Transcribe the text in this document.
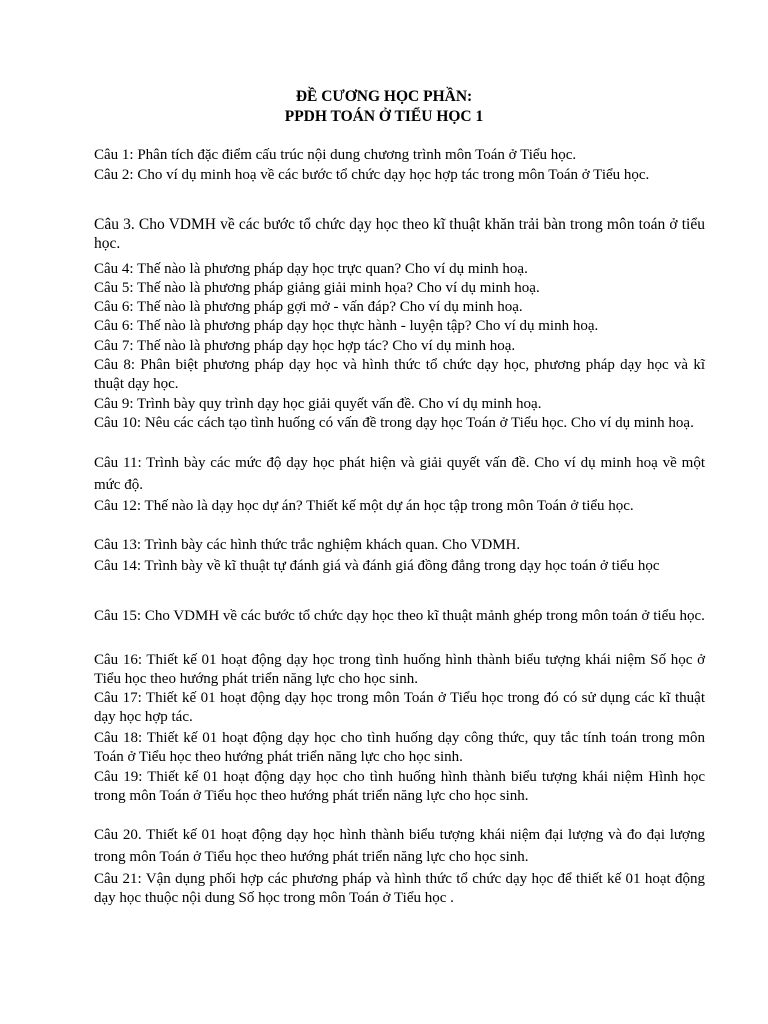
ĐỀ CƯƠNG HỌC PHẦN:
PPDH TOÁN Ở TIỂU HỌC 1
Câu 1: Phân tích đặc điểm cấu trúc nội dung chương trình môn Toán ở Tiểu học.
Câu 2: Cho ví dụ minh hoạ về các bước tổ chức dạy học hợp tác trong môn Toán ở Tiểu học.
Câu 3. Cho VDMH về các bước tổ chức dạy học theo kĩ thuật khăn trải bàn trong môn toán ở tiểu học.
Câu 4: Thế nào là phương pháp dạy học trực quan? Cho ví dụ minh hoạ.
Câu 5: Thế nào là phương pháp giảng giải minh họa? Cho ví dụ minh hoạ.
Câu 6: Thế nào là phương pháp gợi mở - vấn đáp? Cho ví dụ minh hoạ.
Câu 6: Thế nào là phương pháp dạy học thực hành - luyện tập? Cho ví dụ minh hoạ.
Câu 7: Thế nào là phương pháp dạy học hợp tác? Cho ví dụ minh hoạ.
Câu 8: Phân biệt phương pháp dạy học và hình thức tổ chức dạy học, phương pháp dạy học và kĩ thuật dạy học.
Câu 9: Trình bày quy trình dạy học giải quyết vấn đề. Cho ví dụ minh hoạ.
Câu 10: Nêu các cách tạo tình huống có vấn đề trong dạy học Toán ở Tiểu học. Cho ví dụ minh hoạ.
Câu 11: Trình bày các mức độ dạy học phát hiện và giải quyết vấn đề. Cho ví dụ minh hoạ về một mức độ.
Câu 12: Thế nào là dạy học dự án? Thiết kế một dự án học tập trong môn Toán ở tiểu học.
Câu 13: Trình bày các hình thức trắc nghiệm khách quan. Cho VDMH.
Câu 14: Trình bày về kĩ thuật tự đánh giá và đánh giá đồng đẳng trong dạy học toán ở tiểu học
Câu 15: Cho VDMH về các bước tổ chức dạy học theo kĩ thuật mảnh ghép trong môn toán ở tiểu học.
Câu 16: Thiết kế 01 hoạt động dạy học trong tình huống hình thành biểu tượng khái niệm Số học ở Tiểu học theo hướng phát triển năng lực cho học sinh.
Câu 17: Thiết kế 01 hoạt động dạy học trong môn Toán ở Tiểu học trong đó có sử dụng các kĩ thuật dạy học hợp tác.
Câu 18: Thiết kế 01 hoạt động dạy học cho tình huống dạy công thức, quy tắc tính toán trong môn Toán ở Tiểu học theo hướng phát triển năng lực cho học sinh.
Câu 19: Thiết kế 01 hoạt động dạy học cho tình huống hình thành biểu tượng khái niệm Hình học trong môn Toán ở Tiểu học theo hướng phát triển năng lực cho học sinh.
Câu 20. Thiết kế 01 hoạt động dạy học hình thành biểu tượng khái niệm đại lượng và đo đại lượng trong môn Toán ở Tiểu học theo hướng phát triển năng lực cho học sinh.
Câu 21: Vận dụng phối hợp các phương pháp và hình thức tổ chức dạy học để thiết kế 01 hoạt động dạy học thuộc nội dung Số học trong môn Toán ở Tiểu học .
